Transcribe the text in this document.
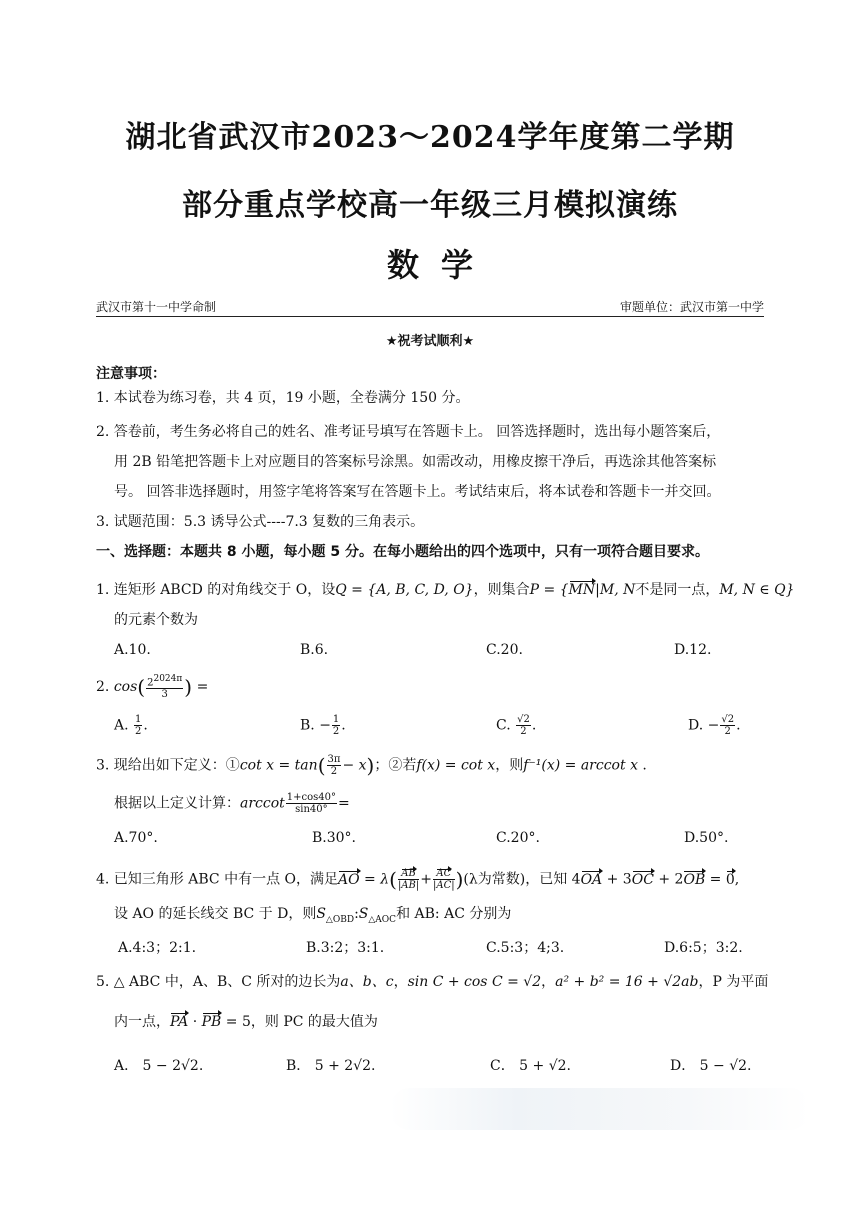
湖北省武汉市2023～2024学年度第二学期
部分重点学校高一年级三月模拟演练
数学
武汉市第十一中学命制	审题单位：武汉市第一中学
★祝考试顺利★
注意事项：
1. 本试卷为练习卷，共 4 页，19 小题，全卷满分 150 分。
2. 答卷前，考生务必将自己的姓名、准考证号填写在答题卡上。 回答选择题时，选出每小题答案后，
用 2B 铅笔把答题卡上对应题目的答案标号涂黑。如需改动，用橡皮擦干净后，再选涂其他答案标
号。 回答非选择题时，用签字笔将答案写在答题卡上。考试结束后，将本试卷和答题卡一并交回。
3. 试题范围：5.3 诱导公式----7.3 复数的三角表示。
一、选择题：本题共 8 小题，每小题 5 分。在每小题给出的四个选项中，只有一项符合题目要求。
1. 连矩形 ABCD 的对角线交于 O，设Q = {A, B, C, D, O}，则集合P = {MN|M, N不是同一点，M, N ∈ Q}
的元素个数为
A.10.	B.6.	C.20.	D.12.
2. $\cos( \frac{22024\pi}{3}$ ) =
A. $\frac{1}{2}$ .	B. − $\frac{1}{2}$ .	C. $\frac{√2}{2}$ .	D. − $\frac{√2}{2}$ .
3. 现给出如下定义：①cot $x = \tan( \frac{3\pi}{2} - x)$；②若f(x) = cot x，则f⁻¹(x) = arccot x .
根据以上定义计算：arccot $\frac{1+\cos 40^\circ}{\sin 40^\circ}$ =
A.70°.	B.30°.	C.20°.	D.50°.
4. 已知三角形 ABC 中有一点 O，满足AO = $\lambda( \frac{AB}{|AB|} + \frac{AC}{|AC|} )(\lambda$为常数)，已知 4OA + 3OC + 2OB = 0,
设 AO 的延长线交 BC 于 D，则$S_{\triangle OBD}:S_{\triangle AOC}$和 AB: AC 分别为
A.4:3；2:1.	B.3:2；3:1.	C.5:3；4;3.	D.6:5；3:2.
5. △ ABC 中，A、B、C 所对的边长为a、b、c，sin C + cos C = √2，a² + b² = 16 + √2ab，P 为平面
内一点，PA · PB = 5，则 PC 的最大值为
A． 5 − 2√2.	B． 5 + 2√2.	C． 5 + √2.	D． 5 − √2.
